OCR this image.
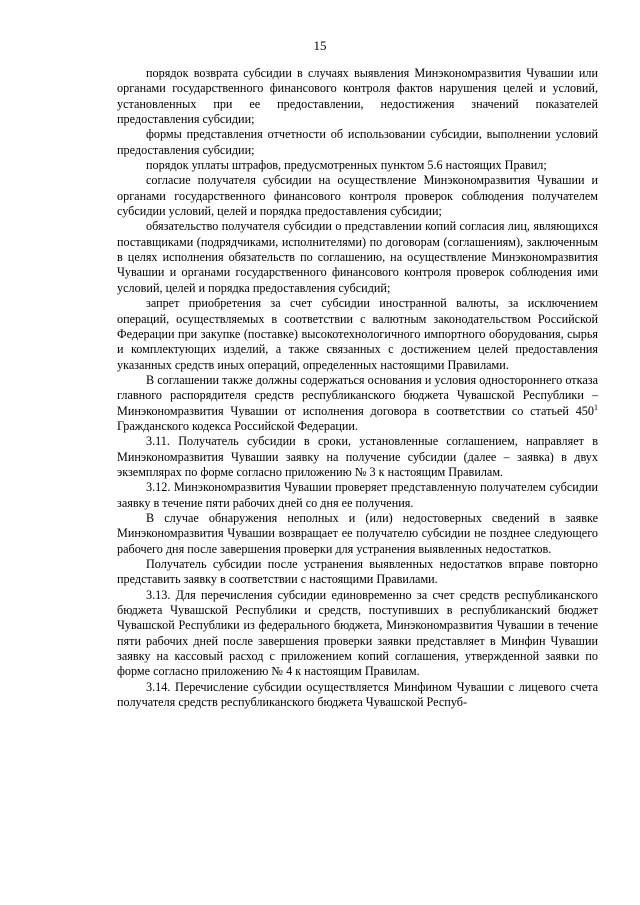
15

порядок возврата субсидии в случаях выявления Минэкономразвития Чувашии или органами государственного финансового контроля фактов нарушения целей и условий, установленных при ее предоставлении, недостижения значений показателей предоставления субсидии;

формы представления отчетности об использовании субсидии, выполнении условий предоставления субсидии;

порядок уплаты штрафов, предусмотренных пунктом 5.6 настоящих Правил;

согласие получателя субсидии на осуществление Минэкономразвития Чувашии и органами государственного финансового контроля проверок соблюдения получателем субсидии условий, целей и порядка предоставления субсидии;

обязательство получателя субсидии о представлении копий согласия лиц, являющихся поставщиками (подрядчиками, исполнителями) по договорам (соглашениям), заключенным в целях исполнения обязательств по соглашению, на осуществление Минэкономразвития Чувашии и органами государственного финансового контроля проверок соблюдения ими условий, целей и порядка предоставления субсидий;

запрет приобретения за счет субсидии иностранной валюты, за исключением операций, осуществляемых в соответствии с валютным законодательством Российской Федерации при закупке (поставке) высокотехнологичного импортного оборудования, сырья и комплектующих изделий, а также связанных с достижением целей предоставления указанных средств иных операций, определенных настоящими Правилами.

В соглашении также должны содержаться основания и условия одностороннего отказа главного распорядителя средств республиканского бюджета Чувашской Республики – Минэкономразвития Чувашии от исполнения договора в соответствии со статьей 450$^1$ Гражданского кодекса Российской Федерации.

3.11. Получатель субсидии в сроки, установленные соглашением, направляет в Минэкономразвития Чувашии заявку на получение субсидии (далее – заявка) в двух экземплярах по форме согласно приложению № 3 к настоящим Правилам.

3.12. Минэкономразвития Чувашии проверяет представленную получателем субсидии заявку в течение пяти рабочих дней со дня ее получения.

В случае обнаружения неполных и (или) недостоверных сведений в заявке Минэкономразвития Чувашии возвращает ее получателю субсидии не позднее следующего рабочего дня после завершения проверки для устранения выявленных недостатков.

Получатель субсидии после устранения выявленных недостатков вправе повторно представить заявку в соответствии с настоящими Правилами.

3.13. Для перечисления субсидии единовременно за счет средств республиканского бюджета Чувашской Республики и средств, поступивших в республиканский бюджет Чувашской Республики из федерального бюджета, Минэкономразвития Чувашии в течение пяти рабочих дней после завершения проверки заявки представляет в Минфин Чувашии заявку на кассовый расход с приложением копий соглашения, утвержденной заявки по форме согласно приложению № 4 к настоящим Правилам.

3.14. Перечисление субсидии осуществляется Минфином Чувашии с лицевого счета получателя средств республиканского бюджета Чувашской Респуб-
